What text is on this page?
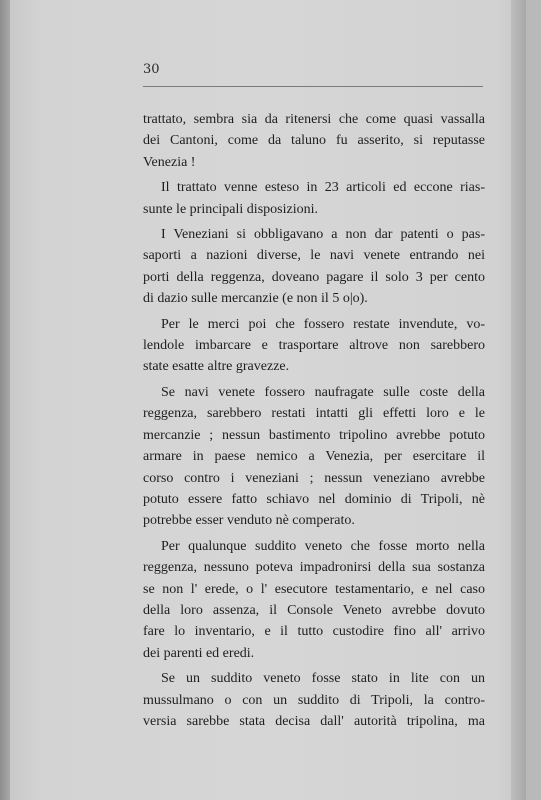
30
trattato, sembra sia da ritenersi che come quasi vassalla
dei Cantoni, come da taluno fu asserito, si reputasse
Venezia !
Il trattato venne esteso in 23 articoli ed eccone rias-
sunte le principali disposizioni.
I Veneziani si obbligavano a non dar patenti o pas-
saporti a nazioni diverse, le navi venete entrando nei
porti della reggenza, doveano pagare il solo 3 per cento
di dazio sulle mercanzie (e non il 5 o|o).
Per le merci poi che fossero restate invendute, vo-
lendole imbarcare e trasportare altrove non sarebbero
state esatte altre gravezze.
Se navi venete fossero naufragate sulle coste della
reggenza, sarebbero restati intatti gli effetti loro e le
mercanzie ; nessun bastimento tripolino avrebbe potuto
armare in paese nemico a Venezia, per esercitare il
corso contro i veneziani ; nessun veneziano avrebbe
potuto essere fatto schiavo nel dominio di Tripoli, nè
potrebbe esser venduto nè comperato.
Per qualunque suddito veneto che fosse morto nella
reggenza, nessuno poteva impadronirsi della sua sostanza
se non l' erede, o l' esecutore testamentario, e nel caso
della loro assenza, il Console Veneto avrebbe dovuto
fare lo inventario, e il tutto custodire fino all' arrivo
dei parenti ed eredi.
Se un suddito veneto fosse stato in lite con un
mussulmano o con un suddito di Tripoli, la contro-
versia sarebbe stata decisa dall' autorità tripolina, ma
